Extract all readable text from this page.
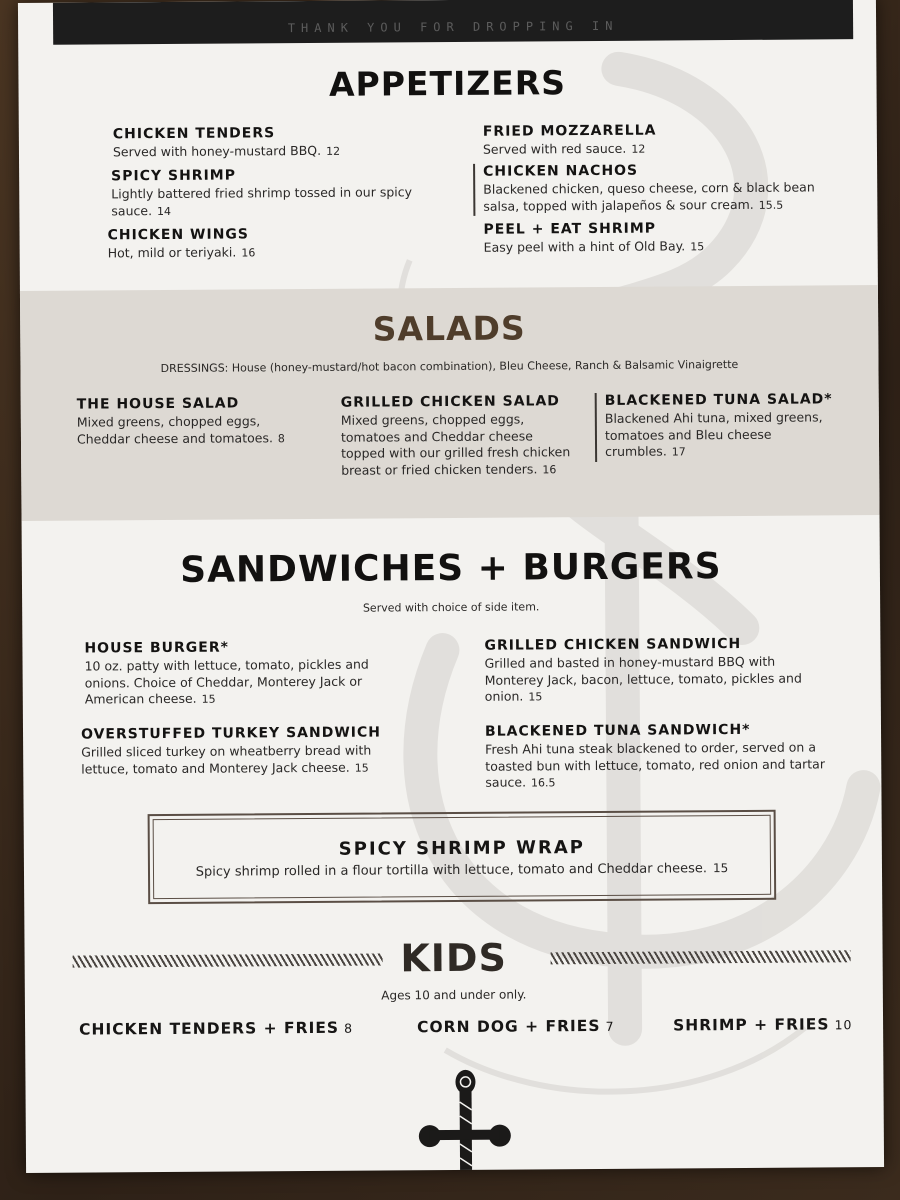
THANK YOU FOR DROPPING IN
APPETIZERS
CHICKEN TENDERS
Served with honey-mustard BBQ. 12
SPICY SHRIMP
Lightly battered fried shrimp tossed in our spicy sauce. 14
CHICKEN WINGS
Hot, mild or teriyaki. 16
FRIED MOZZARELLA
Served with red sauce. 12
CHICKEN NACHOS
Blackened chicken, queso cheese, corn & black bean salsa, topped with jalapeños & sour cream. 15.5
PEEL + EAT SHRIMP
Easy peel with a hint of Old Bay. 15
SALADS
DRESSINGS: House (honey-mustard/hot bacon combination), Bleu Cheese, Ranch & Balsamic Vinaigrette
THE HOUSE SALAD
Mixed greens, chopped eggs, Cheddar cheese and tomatoes. 8
GRILLED CHICKEN SALAD
Mixed greens, chopped eggs, tomatoes and Cheddar cheese topped with our grilled fresh chicken breast or fried chicken tenders. 16
BLACKENED TUNA SALAD*
Blackened Ahi tuna, mixed greens, tomatoes and Bleu cheese crumbles. 17
SANDWICHES + BURGERS
Served with choice of side item.
HOUSE BURGER*
10 oz. patty with lettuce, tomato, pickles and onions. Choice of Cheddar, Monterey Jack or American cheese. 15
OVERSTUFFED TURKEY SANDWICH
Grilled sliced turkey on wheatberry bread with lettuce, tomato and Monterey Jack cheese. 15
GRILLED CHICKEN SANDWICH
Grilled and basted in honey-mustard BBQ with Monterey Jack, bacon, lettuce, tomato, pickles and onion. 15
BLACKENED TUNA SANDWICH*
Fresh Ahi tuna steak blackened to order, served on a toasted bun with lettuce, tomato, red onion and tartar sauce. 16.5
SPICY SHRIMP WRAP
Spicy shrimp rolled in a flour tortilla with lettuce, tomato and Cheddar cheese. 15
KIDS
Ages 10 and under only.
CHICKEN TENDERS + FRIES 8	CORN DOG + FRIES 7	SHRIMP + FRIES 10
